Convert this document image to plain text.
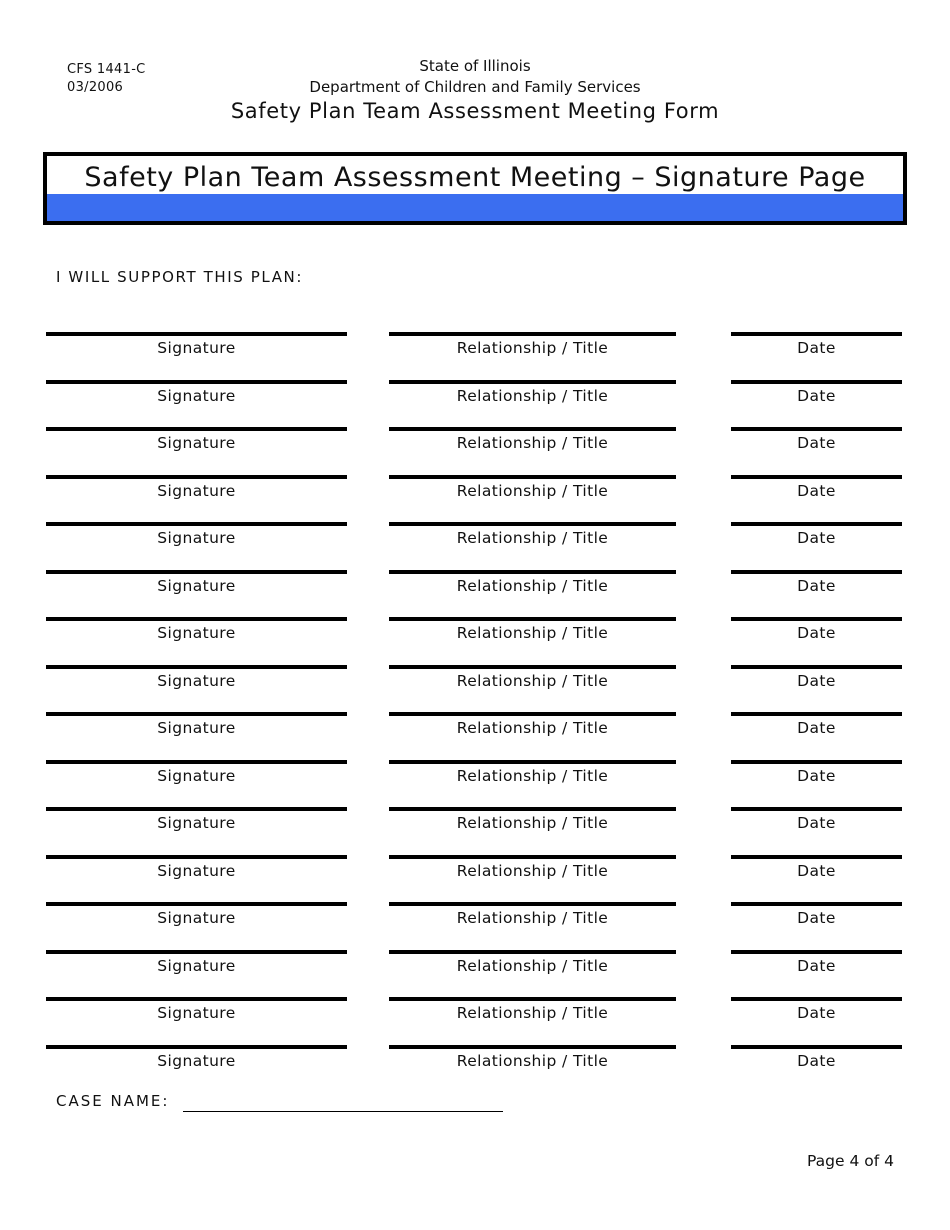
CFS 1441-C
03/2006
State of Illinois
Department of Children and Family Services
Safety Plan Team Assessment Meeting Form
Safety Plan Team Assessment Meeting – Signature Page
I WILL SUPPORT THIS PLAN:
Signature	Relationship / Title	Date
Signature	Relationship / Title	Date
Signature	Relationship / Title	Date
Signature	Relationship / Title	Date
Signature	Relationship / Title	Date
Signature	Relationship / Title	Date
Signature	Relationship / Title	Date
Signature	Relationship / Title	Date
Signature	Relationship / Title	Date
Signature	Relationship / Title	Date
Signature	Relationship / Title	Date
Signature	Relationship / Title	Date
Signature	Relationship / Title	Date
Signature	Relationship / Title	Date
Signature	Relationship / Title	Date
Signature	Relationship / Title	Date
CASE NAME:
Page 4 of 4
